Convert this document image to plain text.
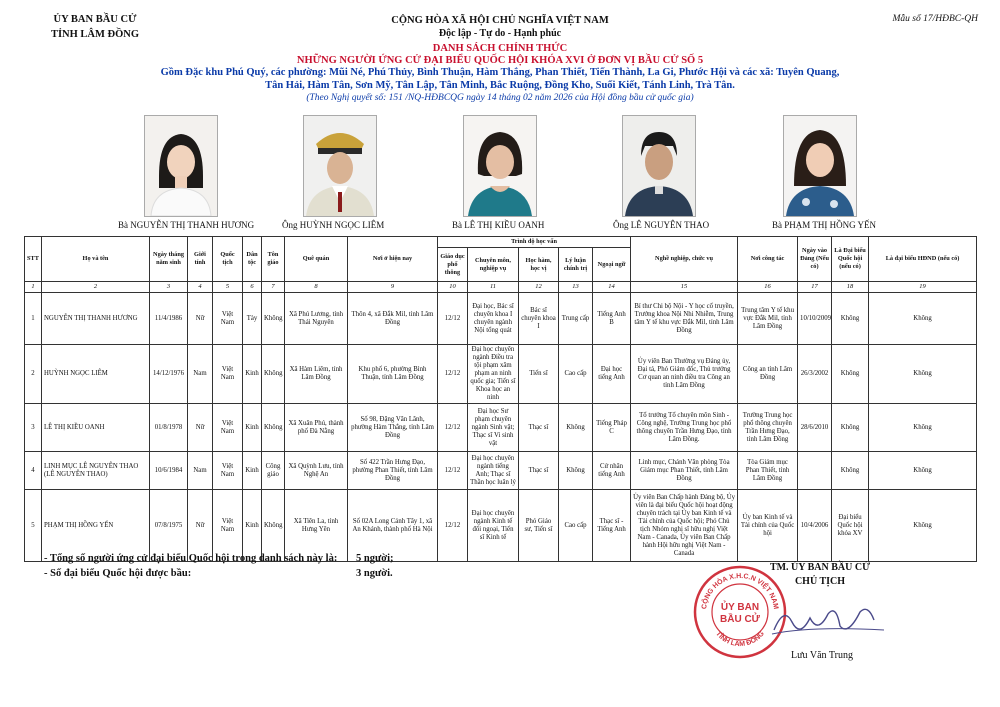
ỦY BAN BẦU CỬ
TỈNH LÂM ĐỒNG
CỘNG HÒA XÃ HỘI CHỦ NGHĨA VIỆT NAM
Độc lập - Tự do - Hạnh phúc
Mẫu số 17/HĐBC-QH
DANH SÁCH CHÍNH THỨC
NHỮNG NGƯỜI ỨNG CỬ ĐẠI BIỂU QUỐC HỘI KHÓA XVI Ở ĐƠN VỊ BẦU CỬ SỐ 5
Gồm Đặc khu Phú Quý, các phường: Mũi Né, Phú Thủy, Bình Thuận, Hàm Thắng, Phan Thiết, Tiến Thành, La Gi, Phước Hội và các xã: Tuyên Quang,
Tân Hải, Hàm Tân, Sơn Mỹ, Tân Lập, Tân Minh, Bắc Ruộng, Đồng Kho, Suối Kiết, Tánh Linh, Trà Tân.
(Theo Nghị quyết số: 151 /NQ-HĐBCQG ngày 14 tháng 02 năm 2026 của Hội đồng bầu cử quốc gia)
Bà NGUYỄN THỊ THANH HƯƠNG	Ông HUỲNH NGỌC LIÊM	Bà LÊ THỊ KIỀU OANH	Ông LÊ NGUYÊN THAO	Bà PHẠM THỊ HỒNG YẾN
STT	Họ và tên	Ngày tháng năm sinh	Giới tính	Quốc tịch	Dân tộc	Tôn giáo	Quê quán	Nơi ở hiện nay	Trình độ học vấn					Nghề nghiệp, chức vụ	Nơi công tác	Ngày vào Đảng (Nếu có)	Là Đại biểu Quốc hội (nếu có)	Là đại biểu HĐND (nếu có)
									Giáo dục phổ thông	Chuyên môn, nghiệp vụ	Học hàm, học vị	Lý luận chính trị	Ngoại ngữ					
1	2	3	4	5	6	7	8	9	10	11	12	13	14	15	16	17	18	19
1	NGUYỄN THỊ THANH HƯƠNG	11/4/1986	Nữ	Việt Nam	Tày	Không	Xã Phú Lương, tỉnh Thái Nguyên	Thôn 4, xã Đắk Mil, tỉnh Lâm Đồng	12/12	Đại học, Bác sĩ chuyên khoa I chuyên ngành Nội tổng quát	Bác sĩ chuyên khoa I	Trung cấp	Tiếng Anh B	Bí thư Chi bộ Nội - Y học cổ truyền, Trưởng khoa Nội Nhi Nhiễm, Trung tâm Y tế khu vực Đắk Mil, tỉnh Lâm Đồng	Trung tâm Y tế khu vực Đắk Mil, tỉnh Lâm Đồng	10/10/2009	Không	Không
2	HUỲNH NGỌC LIÊM	14/12/1976	Nam	Việt Nam	Kinh	Không	Xã Hàm Liêm, tỉnh Lâm Đồng	Khu phố 6, phường Bình Thuận, tỉnh Lâm Đồng	12/12	Đại học chuyên ngành Điều tra tội phạm xâm phạm an ninh quốc gia; Tiến sĩ Khoa học an ninh	Tiến sĩ	Cao cấp	Đại học tiếng Anh	Ủy viên Ban Thường vụ Đảng ủy, Đại tá, Phó Giám đốc, Thủ trưởng Cơ quan an ninh điều tra Công an tỉnh Lâm Đồng	Công an tỉnh Lâm Đồng	26/3/2002	Không	Không
3	LÊ THỊ KIỀU OANH	01/8/1978	Nữ	Việt Nam	Kinh	Không	Xã Xuân Phú, thành phố Đà Nẵng	Số 98, Đặng Văn Lãnh, phường Hàm Thắng, tỉnh Lâm Đồng	12/12	Đại học Sư phạm chuyên ngành Sinh vật; Thạc sĩ Vi sinh vật	Thạc sĩ	Không	Tiếng Pháp C	Tổ trưởng Tổ chuyên môn Sinh - Công nghệ, Trường Trung học phổ thông chuyên Trần Hưng Đạo, tỉnh Lâm Đồng.	Trường Trung học phổ thông chuyên Trần Hưng Đạo, tỉnh Lâm Đồng	28/6/2010	Không	Không
4	LINH MỤC LÊ NGUYÊN THAO (LÊ NGUYÊN THAO)	10/6/1984	Nam	Việt Nam	Kinh	Công giáo	Xã Quỳnh Lưu, tỉnh Nghệ An	Số 422 Trần Hưng Đạo, phường Phan Thiết, tỉnh Lâm Đồng	12/12	Đại học chuyên ngành tiếng Anh; Thạc sĩ Thần học luân lý	Thạc sĩ	Không	Cử nhân tiếng Anh	Linh mục, Chánh Văn phòng Tòa Giám mục Phan Thiết, tỉnh Lâm Đồng	Tòa Giám mục Phan Thiết, tỉnh Lâm Đồng		Không	Không
5	PHẠM THỊ HỒNG YẾN	07/8/1975	Nữ	Việt Nam	Kinh	Không	Xã Tiên La, tỉnh Hưng Yên	Số 02A Long Cảnh Tây 1, xã An Khánh, thành phố Hà Nội	12/12	Đại học chuyên ngành Kinh tế đối ngoại, Tiến sĩ Kinh tế	Phó Giáo sư, Tiến sĩ	Cao cấp	Thạc sĩ - Tiếng Anh	Ủy viên Ban Chấp hành Đảng bộ, Ủy viên là đại biểu Quốc hội hoạt động chuyên trách tại Ủy ban Kinh tế và Tài chính của Quốc hội; Phó Chủ tịch Nhóm nghị sĩ hữu nghị Việt Nam - Canada, Ủy viên Ban Chấp hành Hội hữu nghị Việt Nam - Canada	Ủy ban Kinh tế và Tài chính của Quốc hội	10/4/2006	Đại biểu Quốc hội khóa XV	Không
- Tổng số người ứng cử đại biểu Quốc hội trong danh sách này là: 5 người;
- Số đại biểu Quốc hội được bầu:	3 người.
TM. ỦY BAN BẦU CỬ
CHỦ TỊCH
CỘNG HÒA X.H.C.N VIỆT NAM
TỈNH LÂM ĐỒNG
ỦY BAN
BẦU CỬ
Lưu Văn Trung
